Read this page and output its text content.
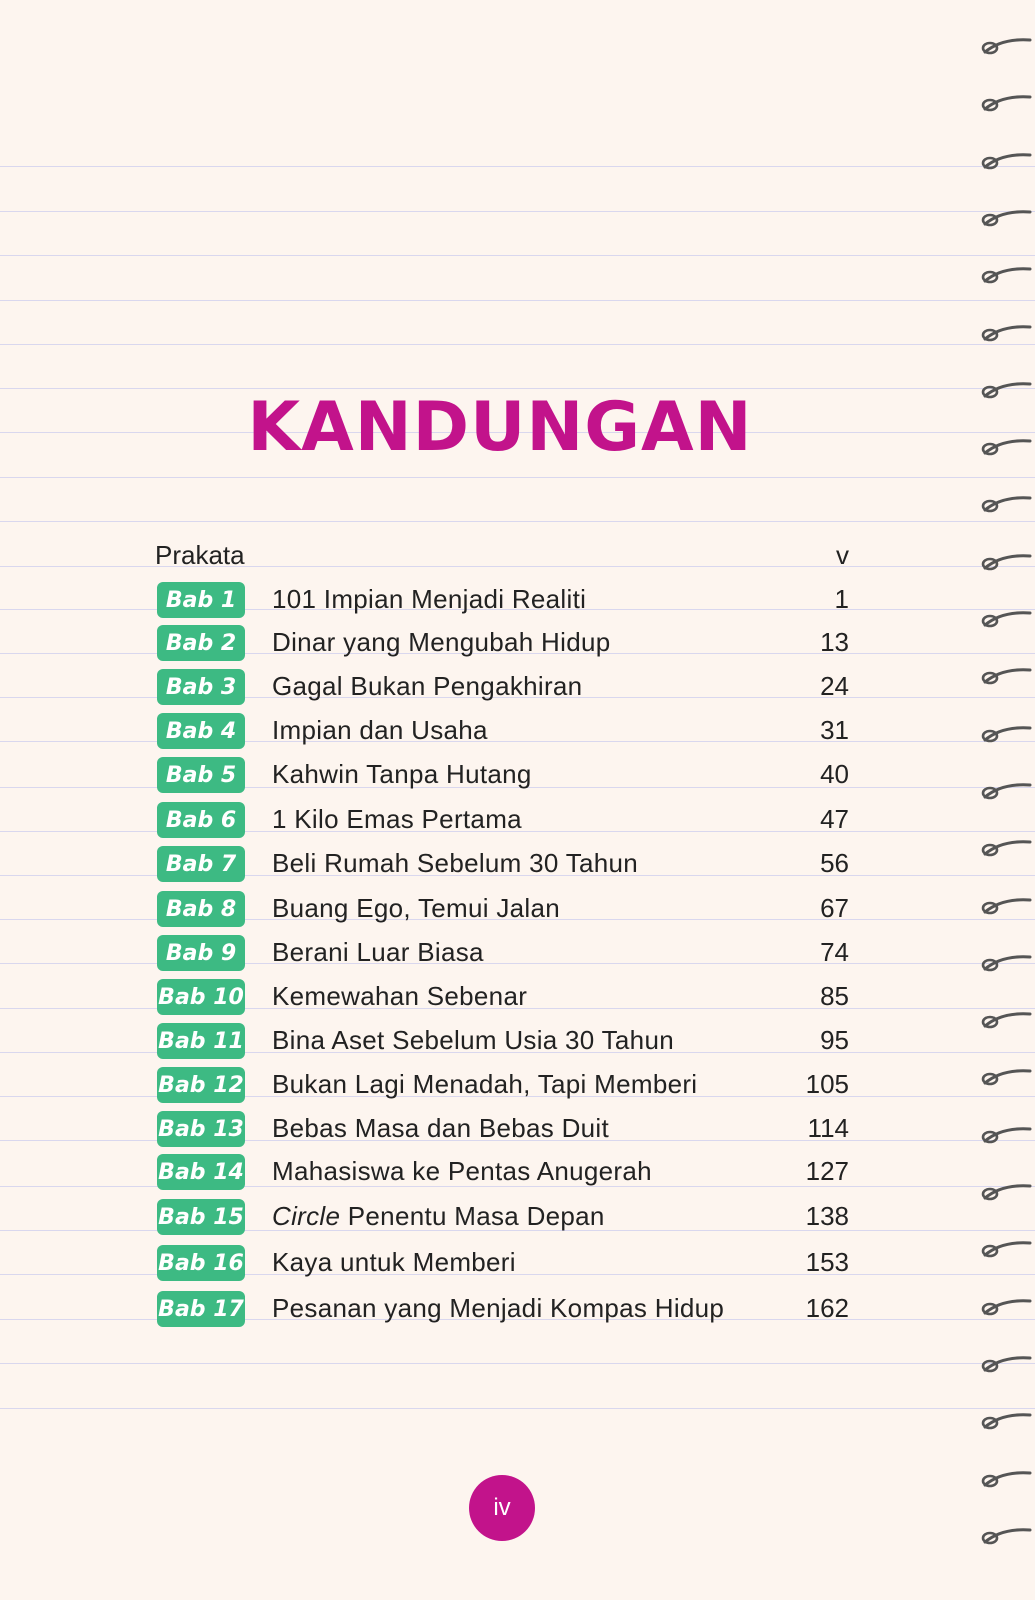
KANDUNGAN
Prakata	v
Bab 1	101 Impian Menjadi Realiti	1
Bab 2	Dinar yang Mengubah Hidup	13
Bab 3	Gagal Bukan Pengakhiran	24
Bab 4	Impian dan Usaha	31
Bab 5	Kahwin Tanpa Hutang	40
Bab 6	1 Kilo Emas Pertama	47
Bab 7	Beli Rumah Sebelum 30 Tahun	56
Bab 8	Buang Ego, Temui Jalan	67
Bab 9	Berani Luar Biasa	74
Bab 10 Kemewahan Sebenar	85
Bab 11 Bina Aset Sebelum Usia 30 Tahun	95
Bab 12 Bukan Lagi Menadah, Tapi Memberi	105
Bab 13 Bebas Masa dan Bebas Duit	114
Bab 14 Mahasiswa ke Pentas Anugerah	127
Bab 15 Circle Penentu Masa Depan	138
Bab 16 Kaya untuk Memberi	153
Bab 17 Pesanan yang Menjadi Kompas Hidup	162
iv
